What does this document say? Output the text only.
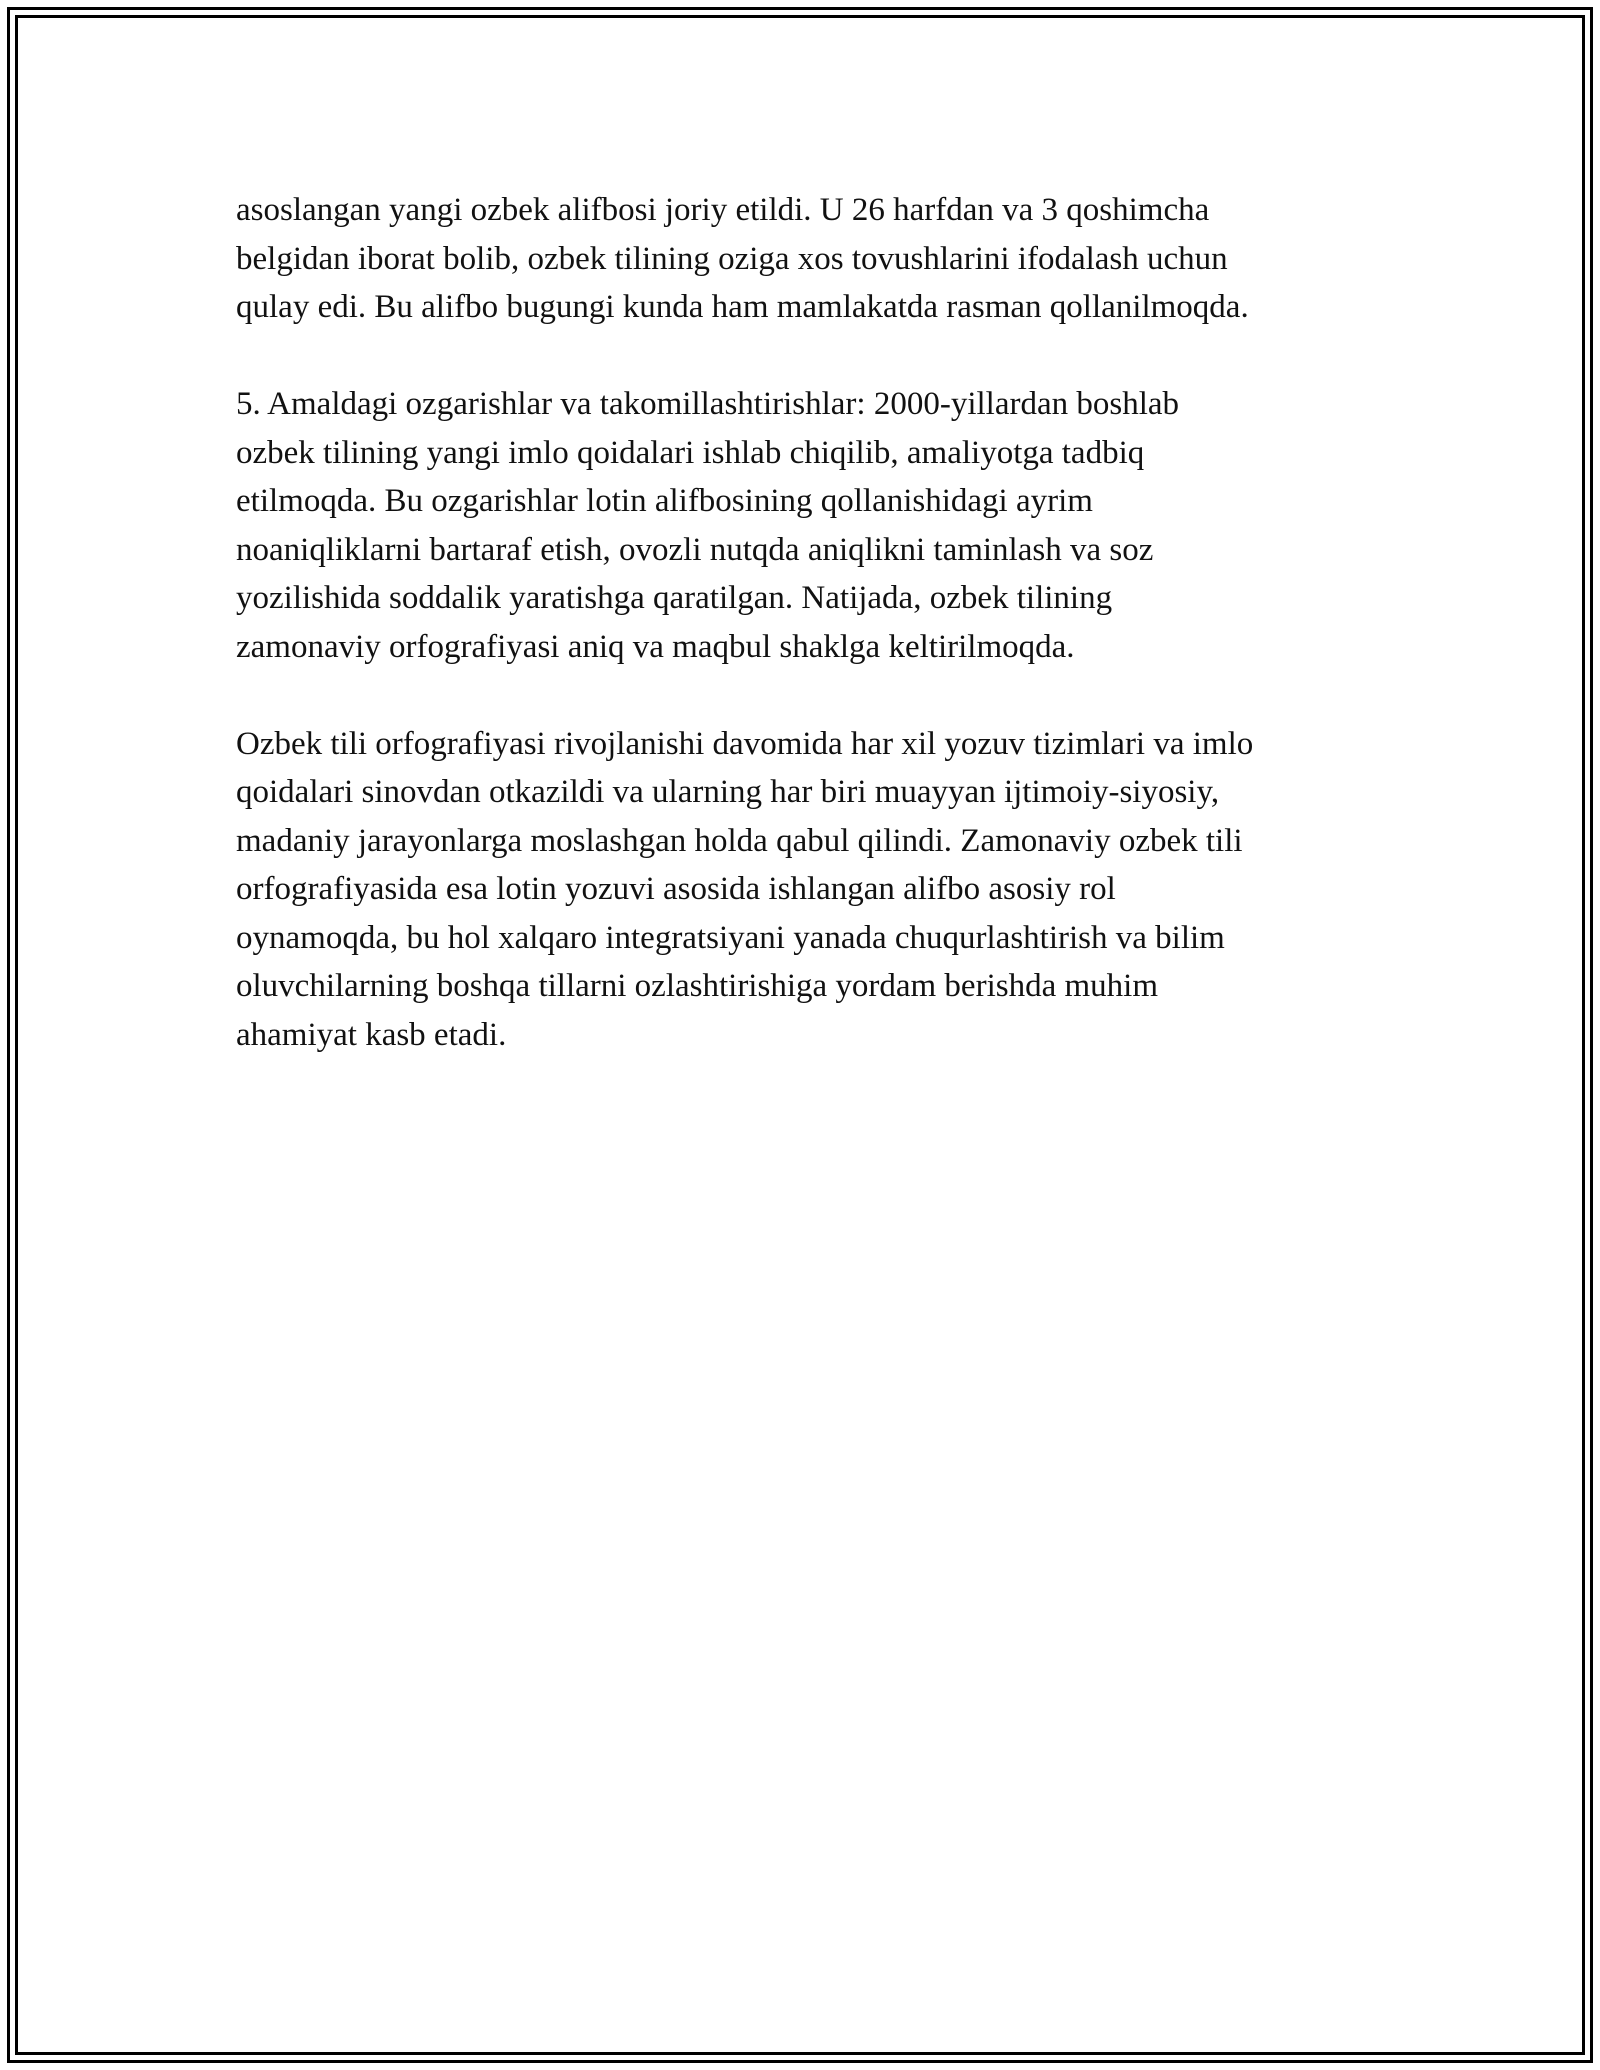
asoslangan yangi ozbek alifbosi joriy etildi. U 26 harfdan va 3 qoshimcha
belgidan iborat bolib, ozbek tilining oziga xos tovushlarini ifodalash uchun
qulay edi. Bu alifbo bugungi kunda ham mamlakatda rasman qollanilmoqda.

5. Amaldagi ozgarishlar va takomillashtirishlar: 2000-yillardan boshlab
ozbek tilining yangi imlo qoidalari ishlab chiqilib, amaliyotga tadbiq
etilmoqda. Bu ozgarishlar lotin alifbosining qollanishidagi ayrim
noaniqliklarni bartaraf etish, ovozli nutqda aniqlikni taminlash va soz
yozilishida soddalik yaratishga qaratilgan. Natijada, ozbek tilining
zamonaviy orfografiyasi aniq va maqbul shaklga keltirilmoqda.

Ozbek tili orfografiyasi rivojlanishi davomida har xil yozuv tizimlari va imlo
qoidalari sinovdan otkazildi va ularning har biri muayyan ijtimoiy-siyosiy,
madaniy jarayonlarga moslashgan holda qabul qilindi. Zamonaviy ozbek tili
orfografiyasida esa lotin yozuvi asosida ishlangan alifbo asosiy rol
oynamoqda, bu hol xalqaro integratsiyani yanada chuqurlashtirish va bilim
oluvchilarning boshqa tillarni ozlashtirishiga yordam berishda muhim
ahamiyat kasb etadi.
